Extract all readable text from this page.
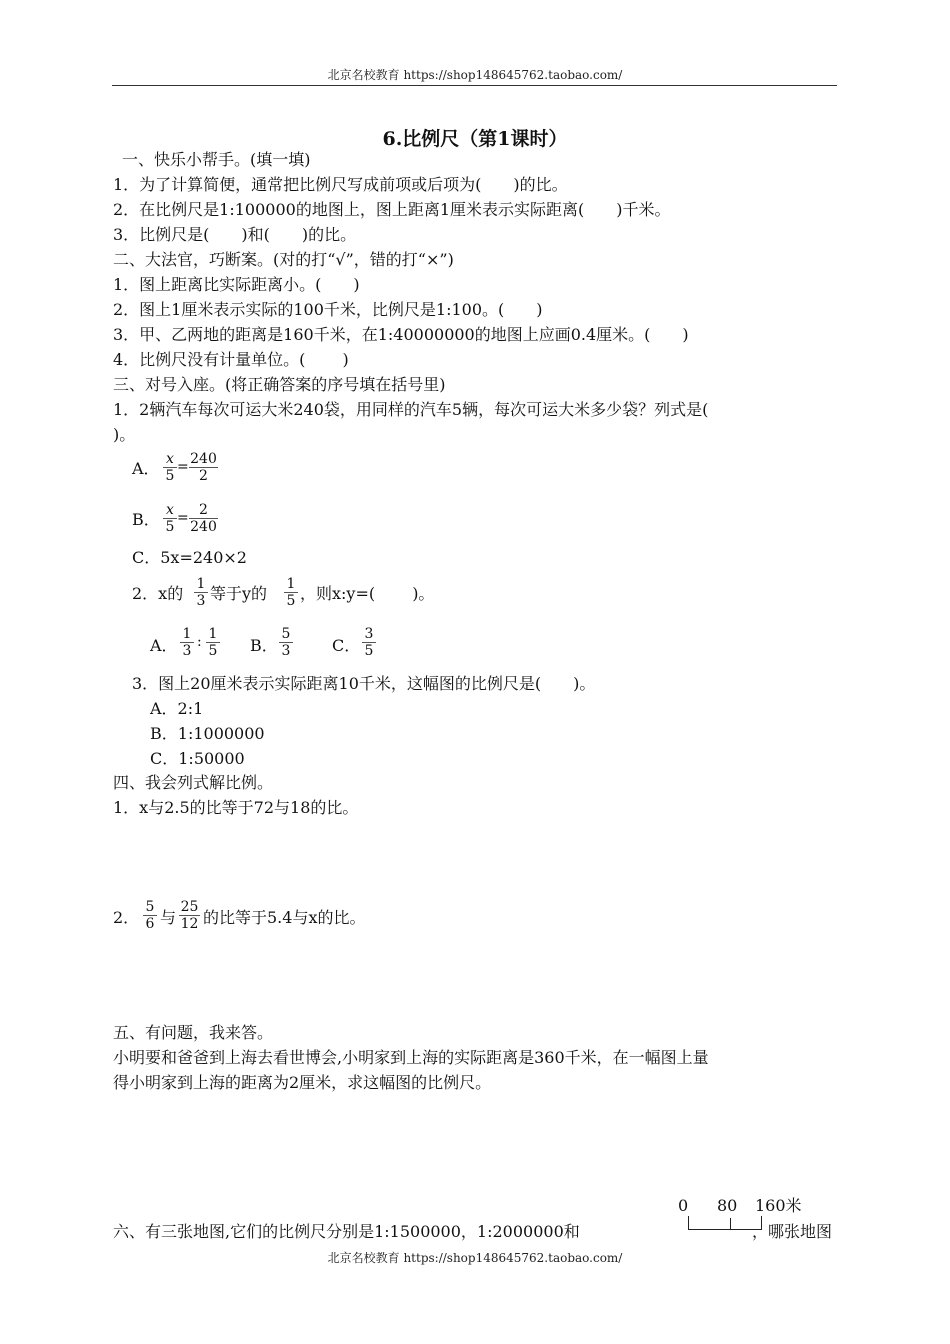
北京名校教育 https://shop148645762.taobao.com/
6.比例尺（第1课时）
一、快乐小帮手。(填一填)
1．为了计算简便，通常把比例尺写成前项或后项为(　　)的比。
2．在比例尺是1:100000的地图上，图上距离1厘米表示实际距离(　　)千米。
3．比例尺是(　　)和(　　)的比。
二、大法官，巧断案。(对的打“√”，错的打“×”)
1．图上距离比实际距离小。(　　)
2．图上1厘米表示实际的100千米，比例尺是1:100。(　　)
3．甲、乙两地的距离是160千米，在1:40000000的地图上应画0.4厘米。(　　)
4．比例尺没有计量单位。(　　 )
三、对号入座。(将正确答案的序号填在括号里)
1．2辆汽车每次可运大米240袋，用同样的汽车5辆，每次可运大米多少袋？列式是(
)。
A． $\frac{x}{5} = \frac{240}{2}$
B． $\frac{x}{5} = \frac{2}{240}$
C．5x=240×2
2．x的 $\frac{1}{3}$ 等于y的 $\frac{1}{5}$ ，则x:y=(　　 )。
A． $\frac{1}{3}$ : $\frac{1}{5}$ B． $\frac{5}{3}$ C． $\frac{3}{5}$
3．图上20厘米表示实际距离10千米，这幅图的比例尺是(　　)。
A．2:1
B．1:1000000
C．1:50000
四、我会列式解比例。
1．x与2.5的比等于72与18的比。
2． $\frac{5}{6}$ 与 $\frac{25}{12}$ 的比等于5.4与x的比。
五、有问题，我来答。
小明要和爸爸到上海去看世博会,小明家到上海的实际距离是360千米，在一幅图上量
得小明家到上海的距离为2厘米，求这幅图的比例尺。
0 80 160米
六、有三张地图,它们的比例尺分别是1:1500000，1:2000000和	，哪张地图
北京名校教育 https://shop148645762.taobao.com/
